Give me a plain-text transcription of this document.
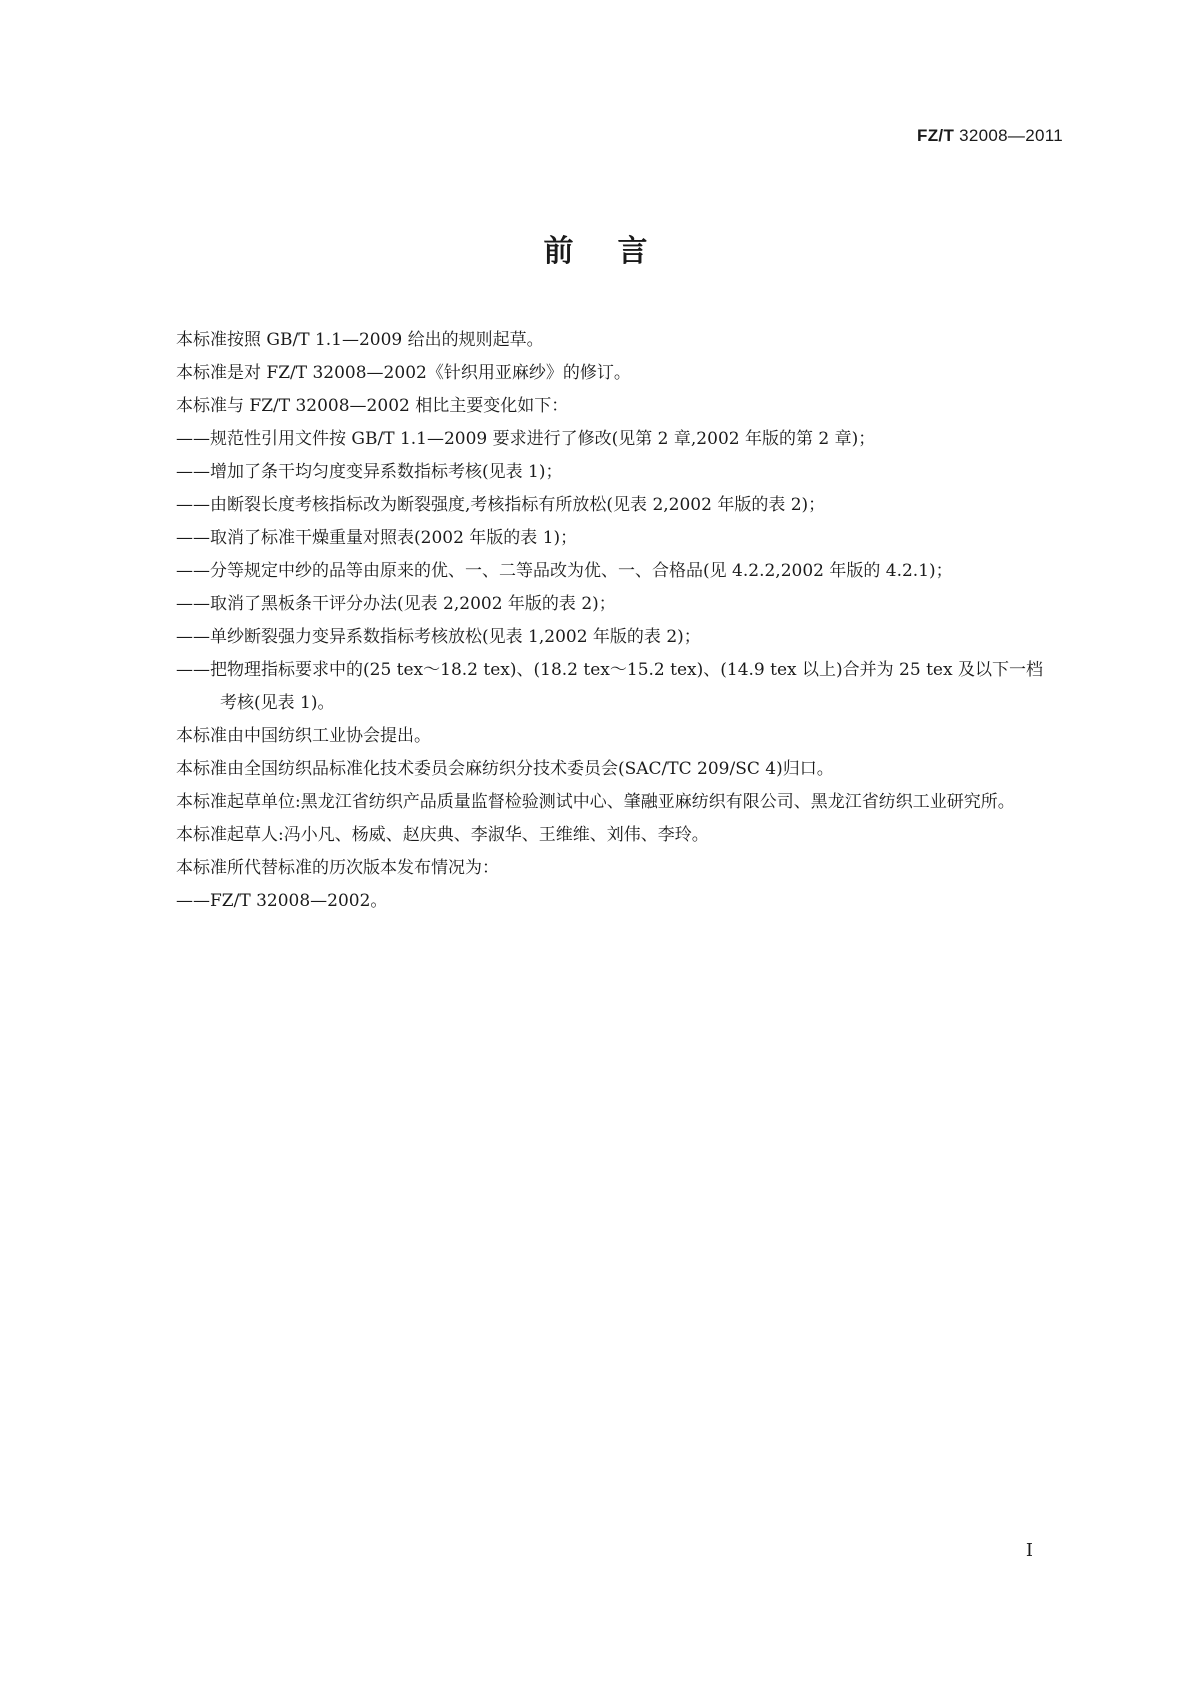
FZ/T 32008—2011
前言

本标准按照 GB/T 1.1—2009 给出的规则起草。

本标准是对 FZ/T 32008—2002《针织用亚麻纱》的修订。

本标准与 FZ/T 32008—2002 相比主要变化如下：

——规范性引用文件按 GB/T 1.1—2009 要求进行了修改(见第 2 章,2002 年版的第 2 章)；

——增加了条干均匀度变异系数指标考核(见表 1)；

——由断裂长度考核指标改为断裂强度,考核指标有所放松(见表 2,2002 年版的表 2)；

——取消了标准干燥重量对照表(2002 年版的表 1)；

——分等规定中纱的品等由原来的优、一、二等品改为优、一、合格品(见 4.2.2,2002 年版的 4.2.1)；

——取消了黑板条干评分办法(见表 2,2002 年版的表 2)；

——单纱断裂强力变异系数指标考核放松(见表 1,2002 年版的表 2)；

——把物理指标要求中的(25 tex～18.2 tex)、(18.2 tex～15.2 tex)、(14.9 tex 以上)合并为 25 tex 及以下一档考核(见表 1)。

本标准由中国纺织工业协会提出。

本标准由全国纺织品标准化技术委员会麻纺织分技术委员会(SAC/TC 209/SC 4)归口。

本标准起草单位:黑龙江省纺织产品质量监督检验测试中心、肇融亚麻纺织有限公司、黑龙江省纺织工业研究所。

本标准起草人:冯小凡、杨威、赵庆典、李淑华、王维维、刘伟、李玲。

本标准所代替标准的历次版本发布情况为：

——FZ/T 32008—2002。

I
